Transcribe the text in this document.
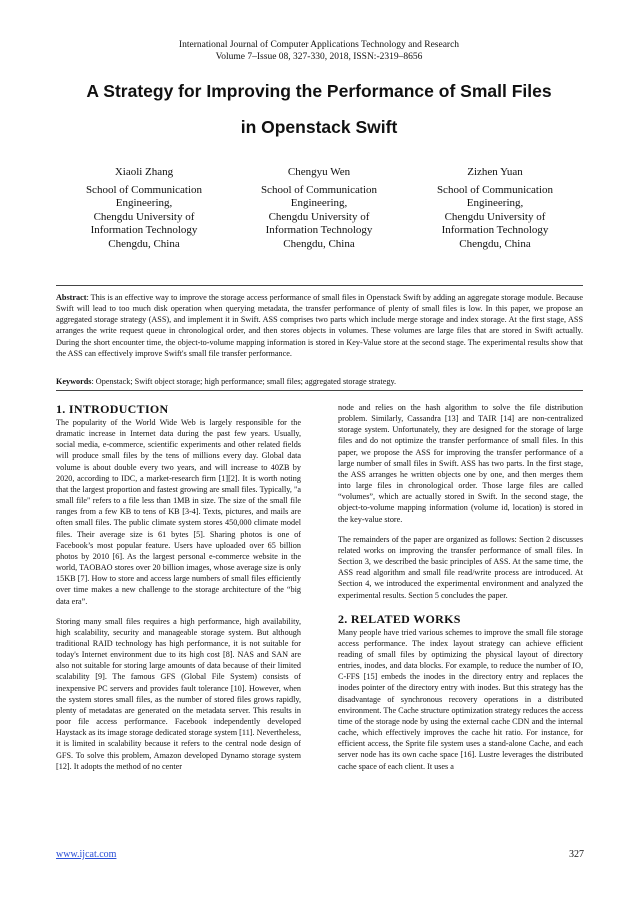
International Journal of Computer Applications Technology and Research
Volume 7–Issue 08, 327-330, 2018, ISSN:-2319–8656
A Strategy for Improving the Performance of Small Files
in Openstack Swift
Xiaoli Zhang
School of Communication
Engineering,
Chengdu University of
Information Technology
Chengdu, China
Chengyu Wen
School of Communication
Engineering,
Chengdu University of
Information Technology
Chengdu, China
Zizhen Yuan
School of Communication
Engineering,
Chengdu University of
Information Technology
Chengdu, China
Abstract: This is an effective way to improve the storage access performance of small files in Openstack Swift by adding an aggregate storage module. Because Swift will lead to too much disk operation when querying metadata, the transfer performance of plenty of small files is low. In this paper, we propose an aggregated storage strategy (ASS), and implement it in Swift. ASS comprises two parts which include merge storage and index storage. At the first stage, ASS arranges the write request queue in chronological order, and then stores objects in volumes. These volumes are large files that are stored in Swift actually. During the short encounter time, the object-to-volume mapping information is stored in Key-Value store at the second stage. The experimental results show that the ASS can effectively improve Swift's small file transfer performance.
Keywords: Openstack; Swift object storage; high performance; small files; aggregated storage strategy.
1. INTRODUCTION

The popularity of the World Wide Web is largely responsible for the dramatic increase in Internet data during the past few years. Usually, social media, e-commerce, scientific experiments and other related fields will produce small files by the tens of millions every day. Global data volume is about double every two years, and will increase to 40ZB by 2020, according to IDC, a market-research firm [1][2]. It is worth noting that the largest proportion and fastest growing are small files. Typically, "a small file" refers to a file less than 1MB in size. The size of the small file ranges from a few KB to tens of KB [3-4]. Texts, pictures, and mails are often small files. The public climate system stores 450,000 climate model files. Their average size is 61 bytes [5]. Sharing photos is one of Facebook’s most popular feature. Users have uploaded over 65 billion photos by 2010 [6]. As the largest personal e-commerce website in the world, TAOBAO stores over 20 billion images, whose average size is only 15KB [7]. How to store and access large numbers of small files efficiently over time makes a new challenge to the storage architecture of the “big data era”.

Storing many small files requires a high performance, high availability, high scalability, security and manageable storage system. But although traditional RAID technology has high performance, it is not suitable for today's Internet environment due to its high cost [8]. NAS and SAN are also not suitable for storing large amounts of data because of their limited scalability [9]. The famous GFS (Global File System) consists of inexpensive PC servers and provides fault tolerance [10]. However, when the system stores small files, as the number of stored files grows rapidly, plenty of metadatas are generated on the metadata server. This results in poor file access performance. Facebook independently developed Haystack as its image storage dedicated storage system [11]. Nevertheless, it is limited in scalability because it refers to the central node design of GFS. To solve this problem, Amazon developed Dynamo storage system [12]. It adopts the method of no center

node and relies on the hash algorithm to solve the file distribution problem. Similarly, Cassandra [13] and TAIR [14] are non-centralized storage system. Unfortunately, they are designed for the storage of large files and do not optimize the transfer performance of small files. In this paper, we propose the ASS for improving the transfer performance of a large number of small files in Swift. ASS has two parts. In the first stage, the ASS arranges he written objects one by one, and then merges them into large files in chronological order. Those large files are called “volumes”, which are actually stored in Swift. In the second stage, the object-to-volume mapping information (volume id, location) is stored in the key-value store.

The remainders of the paper are organized as follows: Section 2 discusses related works on improving the transfer performance of small files. In Section 3, we described the basic principles of ASS. At the same time, the ASS read algorithm and small file read/write process are introduced. At Section 4, we introduced the experimental environment and analyzed the experimental results. Section 5 concludes the paper.

2. RELATED WORKS

Many people have tried various schemes to improve the small file storage access performance. The index layout strategy can achieve efficient reading of small files by optimizing the physical layout of directory entries, inodes, and data blocks. For example, to reduce the number of IO, C-FFS [15] embeds the inodes in the directory entry and replaces the inodes pointer of the directory entry with inodes. But this strategy has the disadvantage of synchronous recovery operations in a distributed environment. The Cache structure optimization strategy reduces the access time of the storage node by using the external cache CDN and the internal cache, which effectively improves the cache hit ratio. For instance, for efficient access, the Sprite file system uses a stand-alone Cache, and each server node has its own cache space [16]. Lustre leverages the distributed cache space of each client. It uses a

www.ijcat.com	327
